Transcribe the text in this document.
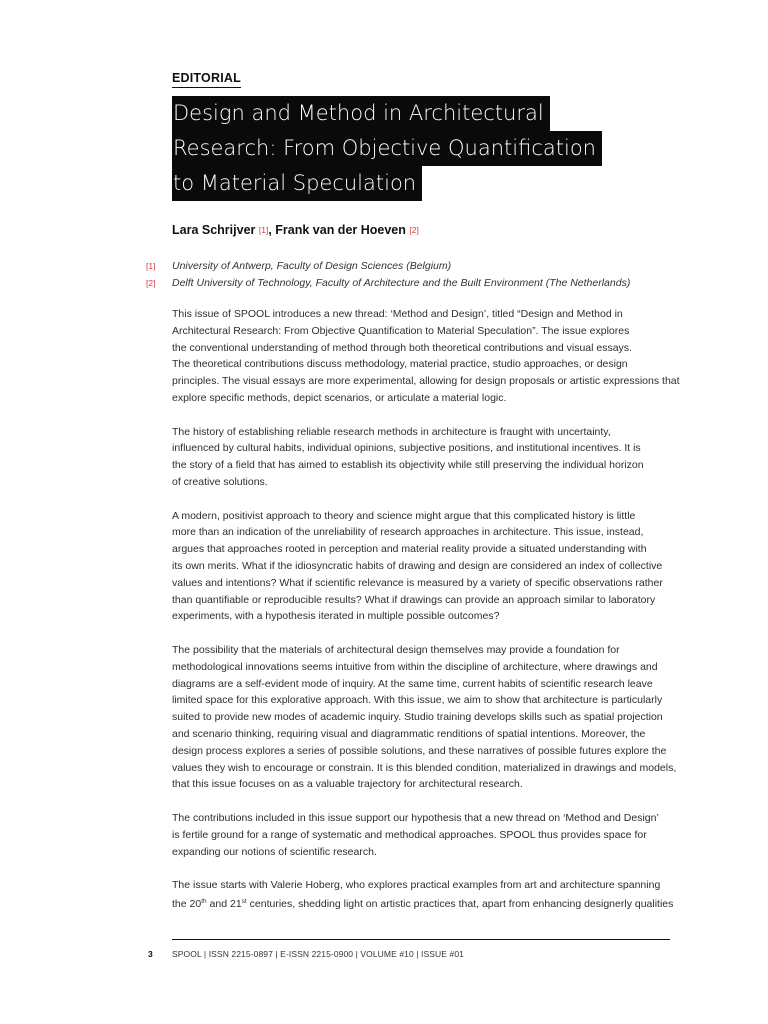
EDITORIAL
Design and Method in Architectural
Research: From Objective Quantification
to Material Speculation
Lara Schrijver [1], Frank van der Hoeven [2]
[1] University of Antwerp, Faculty of Design Sciences (Belgium)
[2] Delft University of Technology, Faculty of Architecture and the Built Environment (The Netherlands)
This issue of SPOOL introduces a new thread: ‘Method and Design’, titled “Design and Method in
Architectural Research: From Objective Quantification to Material Speculation”. The issue explores
the conventional understanding of method through both theoretical contributions and visual essays.
The theoretical contributions discuss methodology, material practice, studio approaches, or design
principles. The visual essays are more experimental, allowing for design proposals or artistic expressions that
explore specific methods, depict scenarios, or articulate a material logic.
The history of establishing reliable research methods in architecture is fraught with uncertainty,
influenced by cultural habits, individual opinions, subjective positions, and institutional incentives. It is
the story of a field that has aimed to establish its objectivity while still preserving the individual horizon
of creative solutions.
A modern, positivist approach to theory and science might argue that this complicated history is little
more than an indication of the unreliability of research approaches in architecture. This issue, instead,
argues that approaches rooted in perception and material reality provide a situated understanding with
its own merits. What if the idiosyncratic habits of drawing and design are considered an index of collective
values and intentions? What if scientific relevance is measured by a variety of specific observations rather
than quantifiable or reproducible results? What if drawings can provide an approach similar to laboratory
experiments, with a hypothesis iterated in multiple possible outcomes?
The possibility that the materials of architectural design themselves may provide a foundation for
methodological innovations seems intuitive from within the discipline of architecture, where drawings and
diagrams are a self-evident mode of inquiry. At the same time, current habits of scientific research leave
limited space for this explorative approach. With this issue, we aim to show that architecture is particularly
suited to provide new modes of academic inquiry. Studio training develops skills such as spatial projection
and scenario thinking, requiring visual and diagrammatic renditions of spatial intentions. Moreover, the
design process explores a series of possible solutions, and these narratives of possible futures explore the
values they wish to encourage or constrain. It is this blended condition, materialized in drawings and models,
that this issue focuses on as a valuable trajectory for architectural research.
The contributions included in this issue support our hypothesis that a new thread on ‘Method and Design’
is fertile ground for a range of systematic and methodical approaches. SPOOL thus provides space for
expanding our notions of scientific research.
The issue starts with Valerie Hoberg, who explores practical examples from art and architecture spanning
the 20th and 21st centuries, shedding light on artistic practices that, apart from enhancing designerly qualities
3 SPOOL | ISSN 2215-0897 | E-ISSN 2215-0900 | VOLUME #10 | ISSUE #01
